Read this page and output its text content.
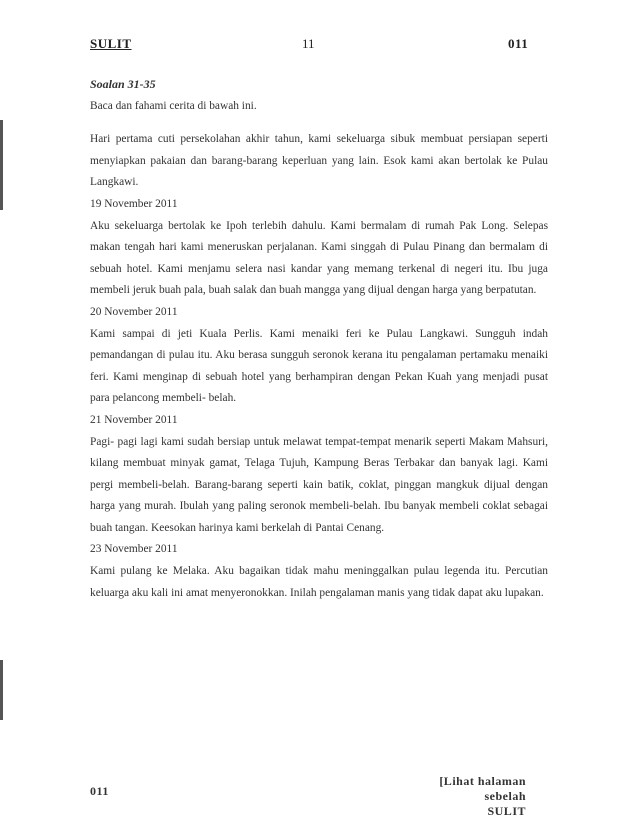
SULIT	11	011

Soalan 31-35

Baca dan fahami cerita di bawah ini.

Hari pertama cuti persekolahan akhir tahun, kami sekeluarga sibuk membuat persiapan seperti menyiapkan pakaian dan barang-barang keperluan yang lain. Esok kami akan bertolak ke Pulau Langkawi.

19 November 2011

Aku sekeluarga bertolak ke Ipoh terlebih dahulu. Kami bermalam di rumah Pak Long. Selepas makan tengah hari kami meneruskan perjalanan. Kami singgah di Pulau Pinang dan bermalam di sebuah hotel. Kami menjamu selera nasi kandar yang memang terkenal di negeri itu. Ibu juga membeli jeruk buah pala, buah salak dan buah mangga yang dijual dengan harga yang berpatutan.

20 November 2011

Kami sampai di jeti Kuala Perlis. Kami menaiki feri ke Pulau Langkawi. Sungguh indah pemandangan di pulau itu. Aku berasa sungguh seronok kerana itu pengalaman pertamaku menaiki feri. Kami menginap di sebuah hotel yang berhampiran dengan Pekan Kuah yang menjadi pusat para pelancong membeli- belah.

21 November 2011

Pagi- pagi lagi kami sudah bersiap untuk melawat tempat-tempat menarik seperti Makam Mahsuri, kilang membuat minyak gamat, Telaga Tujuh, Kampung Beras Terbakar dan banyak lagi. Kami pergi membeli-belah. Barang-barang seperti kain batik, coklat, pinggan mangkuk dijual dengan harga yang murah. Ibulah yang paling seronok membeli-belah. Ibu banyak membeli coklat sebagai buah tangan. Keesokan harinya kami berkelah di Pantai Cenang.

23 November 2011

Kami pulang ke Melaka. Aku bagaikan tidak mahu meninggalkan pulau legenda itu. Percutian keluarga aku kali ini amat menyeronokkan. Inilah pengalaman manis yang tidak dapat aku lupakan.

011
[Lihat halaman sebelah
SULIT
